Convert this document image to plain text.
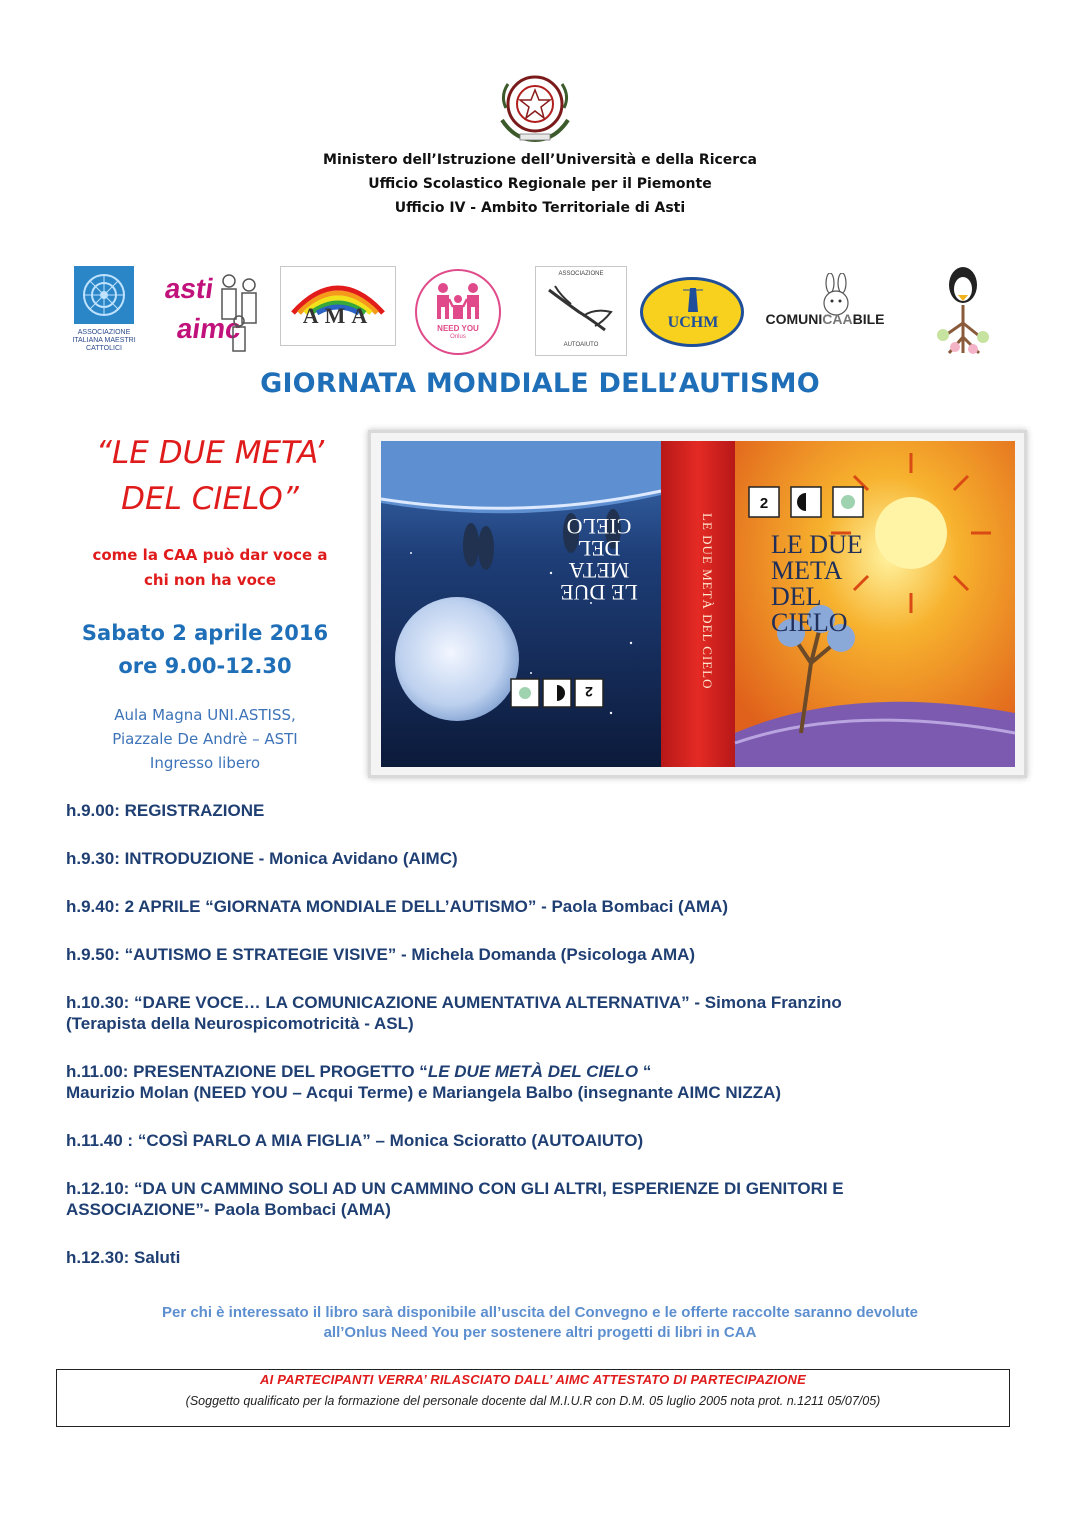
Ministero dell’Istruzione dell’Università e della Ricerca
Ufficio Scolastico Regionale per il Piemonte
Ufficio IV - Ambito Territoriale di Asti
ASSOCIAZIONE ITALIANA MAESTRI CATTOLICI
asti
aimc	AMA
NEED YOU
Onlus
ASSOCIAZIONE
AUTOAIUTO
UCHM	COMUNICAABILE
GIORNATA MONDIALE DELL’AUTISMO
“LE DUE META’
DEL CIELO”
come la CAA può dar voce a
chi non ha voce
Sabato 2 aprile 2016
ore 9.00-12.30
Aula Magna UNI.ASTISS,
Piazzale De Andrè – ASTI
Ingresso libero
LE DUE
META
DEL
CIELO
2
LE DUE METÀ DEL CIELO LE DUE
META
DEL
CIELO
2
h.9.00: REGISTRAZIONE
h.9.30: INTRODUZIONE - Monica Avidano (AIMC)
h.9.40: 2 APRILE “GIORNATA MONDIALE DELL’AUTISMO” - Paola Bombaci (AMA)
h.9.50: “AUTISMO E STRATEGIE VISIVE” - Michela Domanda (Psicologa AMA)
h.10.30: “DARE VOCE… LA COMUNICAZIONE AUMENTATIVA ALTERNATIVA” - Simona Franzino
(Terapista della Neurospicomotricità - ASL)
h.11.00: PRESENTAZIONE DEL PROGETTO “LE DUE METÀ DEL CIELO “
Maurizio Molan (NEED YOU – Acqui Terme) e Mariangela Balbo (insegnante AIMC NIZZA)
h.11.40 : “COSÌ PARLO A MIA FIGLIA” – Monica Scioratto (AUTOAIUTO)
h.12.10: “DA UN CAMMINO SOLI AD UN CAMMINO CON GLI ALTRI, ESPERIENZE DI GENITORI E
ASSOCIAZIONE”- Paola Bombaci (AMA)
h.12.30: Saluti
Per chi è interessato il libro sarà disponibile all’uscita del Convegno e le offerte raccolte saranno devolute
all’Onlus Need You per sostenere altri progetti di libri in CAA
AI PARTECIPANTI VERRA’ RILASCIATO DALL’ AIMC ATTESTATO DI PARTECIPAZIONE
(Soggetto qualificato per la formazione del personale docente dal M.I.U.R con D.M. 05 luglio 2005 nota prot. n.1211 05/07/05)
